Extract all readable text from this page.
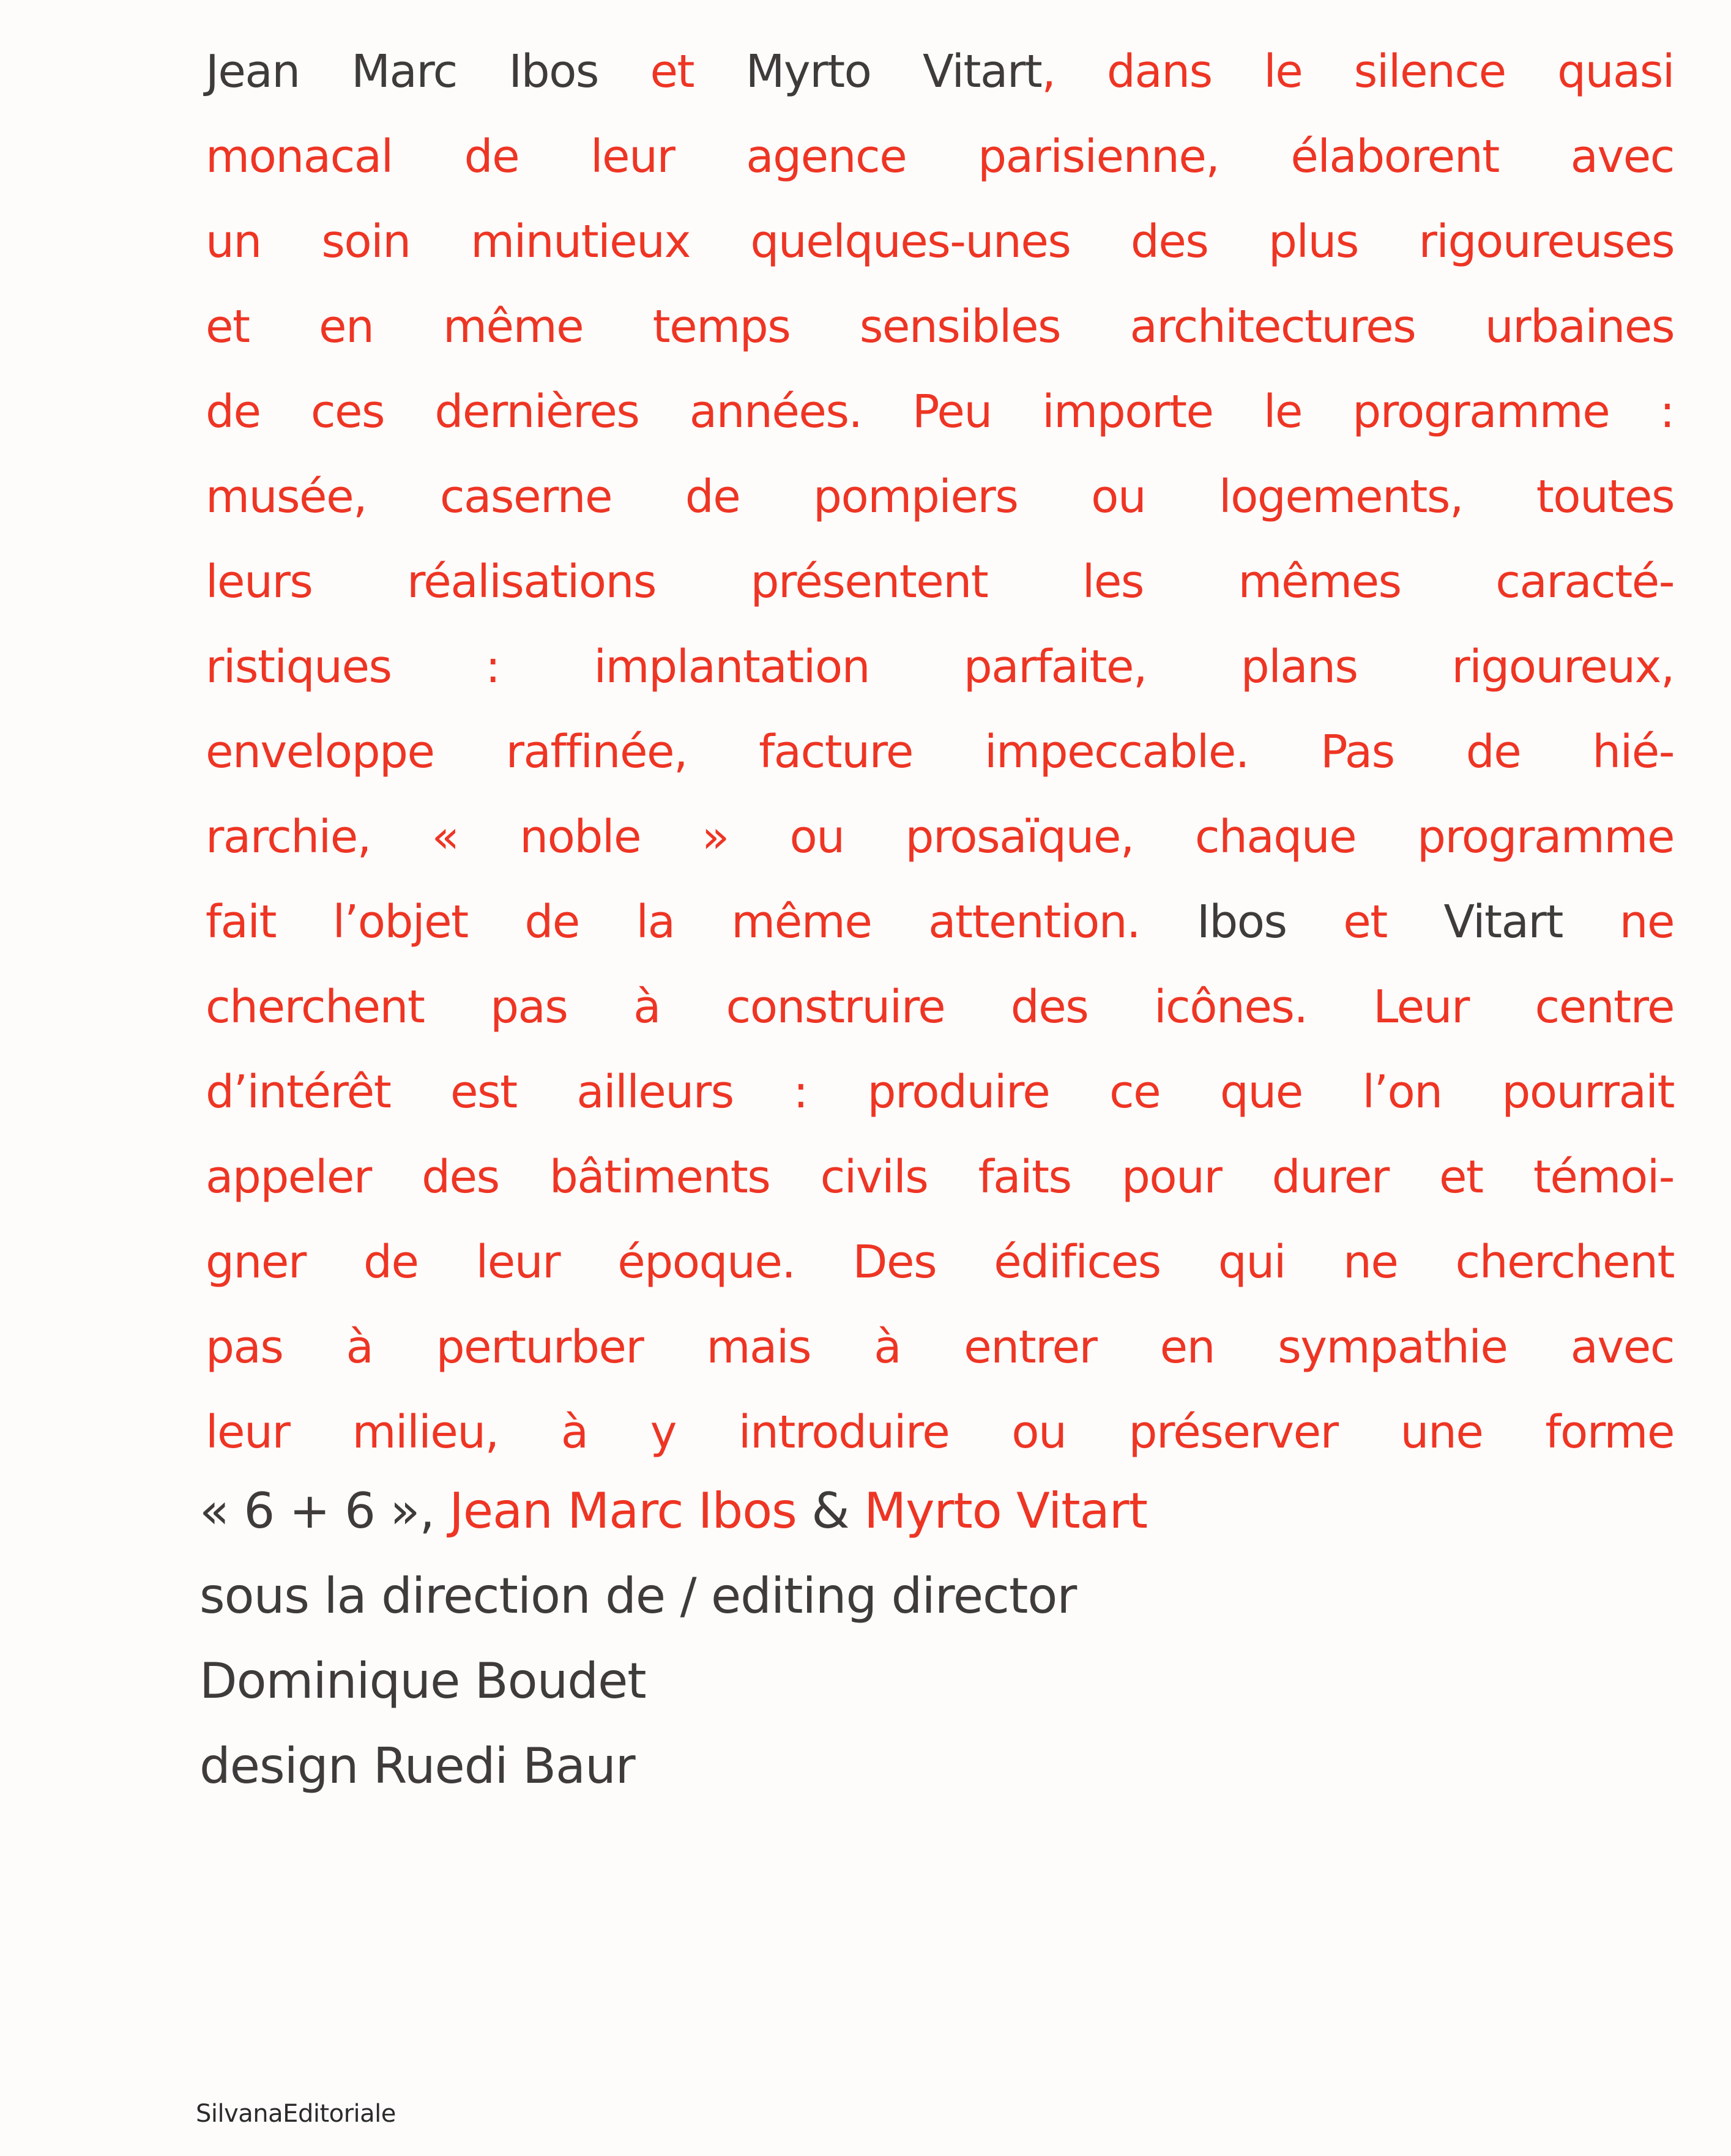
Jean Marc Ibos et Myrto Vitart, dans le silence quasi
monacal de leur agence parisienne, élaborent avec
un soin minutieux quelques-unes des plus rigoureuses
et en même temps sensibles architectures urbaines
de ces dernières années. Peu importe le programme :
musée, caserne de pompiers ou logements, toutes
leurs réalisations présentent les mêmes caracté-
ristiques : implantation parfaite, plans rigoureux,
enveloppe raffinée, facture impeccable. Pas de hié-
rarchie, « noble » ou prosaïque, chaque programme
fait l’objet de la même attention. Ibos et Vitart ne
cherchent pas à construire des icônes. Leur centre
d’intérêt est ailleurs : produire ce que l’on pourrait
appeler des bâtiments civils faits pour durer et témoi-
gner de leur époque. Des édifices qui ne cherchent
pas à perturber mais à entrer en sympathie avec
leur milieu, à y introduire ou préserver une forme

« 6 + 6 », Jean Marc Ibos & Myrto Vitart
sous la direction de / editing director
Dominique Boudet
design Ruedi Baur
SilvanaEditoriale
